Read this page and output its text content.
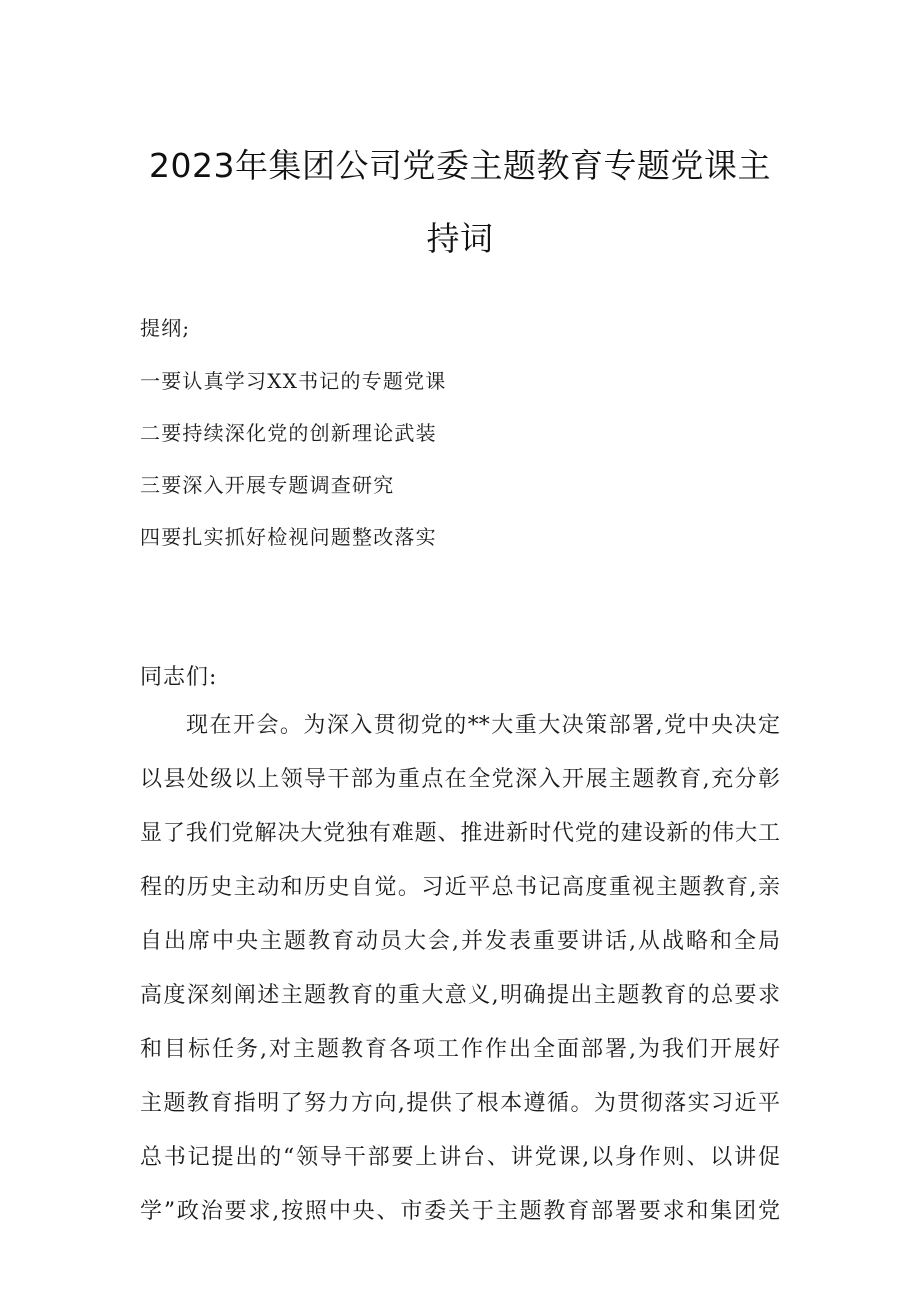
2023年集团公司党委主题教育专题党课主
持词
提纲;
一要认真学习XX书记的专题党课
二要持续深化党的创新理论武装
三要深入开展专题调查研究
四要扎实抓好检视问题整改落实
同志们:
现在开会。为深入贯彻党的**大重大决策部署,党中央决定
以县处级以上领导干部为重点在全党深入开展主题教育,充分彰
显了我们党解决大党独有难题、推进新时代党的建设新的伟大工
程的历史主动和历史自觉。习近平总书记高度重视主题教育,亲
自出席中央主题教育动员大会,并发表重要讲话,从战略和全局
高度深刻阐述主题教育的重大意义,明确提出主题教育的总要求
和目标任务,对主题教育各项工作作出全面部署,为我们开展好
主题教育指明了努力方向,提供了根本遵循。为贯彻落实习近平
总书记提出的“领导干部要上讲台、讲党课,以身作则、以讲促
学”政治要求,按照中央、市委关于主题教育部署要求和集团党
